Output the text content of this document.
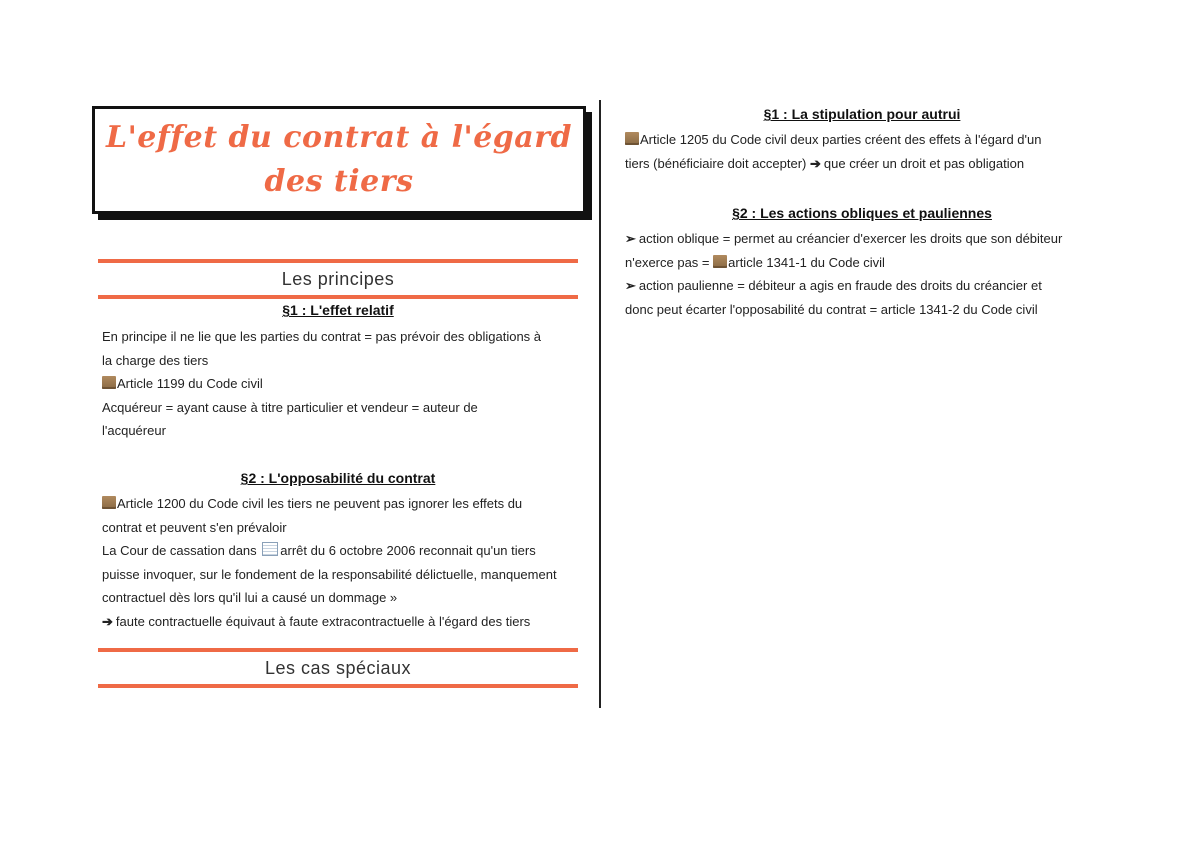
L'effet du contrat à l'égard des tiers
Les principes
§1 : L'effet relatif
En principe il ne lie que les parties du contrat = pas prévoir des obligations à
la charge des tiers
Article 1199 du Code civil
Acquéreur = ayant cause à titre particulier et vendeur = auteur de
l'acquéreur
§2 : L'opposabilité du contrat
Article 1200 du Code civil les tiers ne peuvent pas ignorer les effets du
contrat et peuvent s'en prévaloir
La Cour de cassation dans arrêt du 6 octobre 2006 reconnait qu'un tiers
puisse invoquer, sur le fondement de la responsabilité délictuelle, manquement
contractuel dès lors qu'il lui a causé un dommage »
➔ faute contractuelle équivaut à faute extracontractuelle à l'égard des tiers
Les cas spéciaux
§1 : La stipulation pour autrui
Article 1205 du Code civil deux parties créent des effets à l'égard d'un
tiers (bénéficiaire doit accepter) ➔ que créer un droit et pas obligation
§2 : Les actions obliques et pauliennes
➢ action oblique = permet au créancier d'exercer les droits que son débiteur
n'exerce pas = article 1341-1 du Code civil
➢ action paulienne = débiteur a agis en fraude des droits du créancier et
donc peut écarter l'opposabilité du contrat = article 1341-2 du Code civil
